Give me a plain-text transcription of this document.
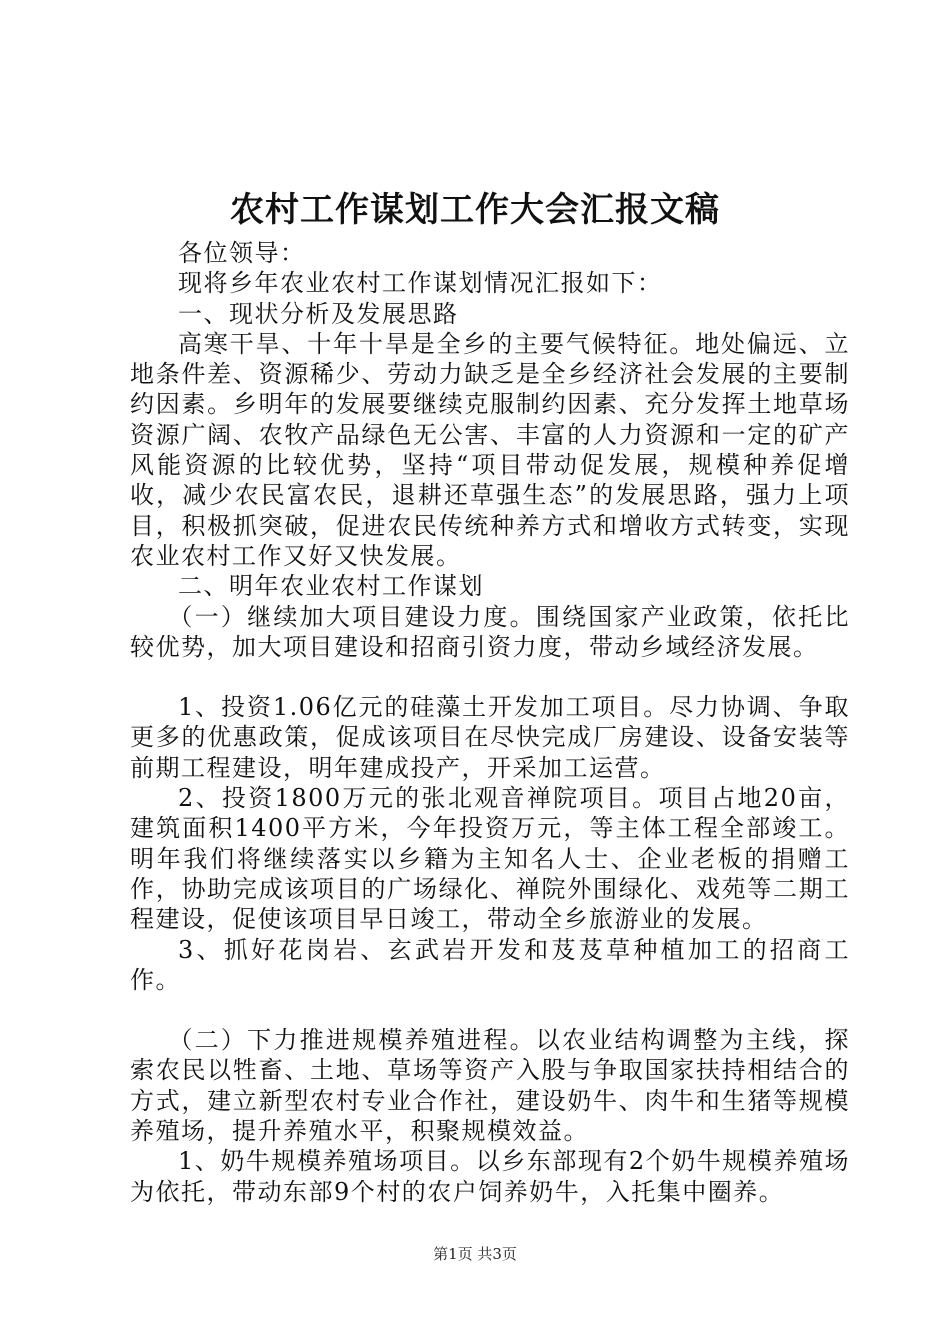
农村工作谋划工作大会汇报文稿

各位领导：

现将乡年农业农村工作谋划情况汇报如下：

一、现状分析及发展思路

高寒干旱、十年十旱是全乡的主要气候特征。地处偏远、立地条件差、资源稀少、劳动力缺乏是全乡经济社会发展的主要制约因素。乡明年的发展要继续克服制约因素、充分发挥土地草场资源广阔、农牧产品绿色无公害、丰富的人力资源和一定的矿产风能资源的比较优势，坚持“项目带动促发展，规模种养促增收，减少农民富农民，退耕还草强生态”的发展思路，强力上项目，积极抓突破，促进农民传统种养方式和增收方式转变，实现农业农村工作又好又快发展。

二、明年农业农村工作谋划

（一）继续加大项目建设力度。围绕国家产业政策，依托比较优势，加大项目建设和招商引资力度，带动乡域经济发展。

1、投资1.06亿元的硅藻土开发加工项目。尽力协调、争取更多的优惠政策，促成该项目在尽快完成厂房建设、设备安装等前期工程建设，明年建成投产，开采加工运营。

2、投资1800万元的张北观音禅院项目。项目占地20亩，建筑面积1400平方米，今年投资万元，等主体工程全部竣工。明年我们将继续落实以乡籍为主知名人士、企业老板的捐赠工作，协助完成该项目的广场绿化、禅院外围绿化、戏苑等二期工程建设，促使该项目早日竣工，带动全乡旅游业的发展。

3、抓好花岗岩、玄武岩开发和芨芨草种植加工的招商工作。

（二）下力推进规模养殖进程。以农业结构调整为主线，探索农民以牲畜、土地、草场等资产入股与争取国家扶持相结合的方式，建立新型农村专业合作社，建设奶牛、肉牛和生猪等规模养殖场，提升养殖水平，积聚规模效益。

1、奶牛规模养殖场项目。以乡东部现有2个奶牛规模养殖场为依托，带动东部9个村的农户饲养奶牛，入托集中圈养。

第1页 共3页
